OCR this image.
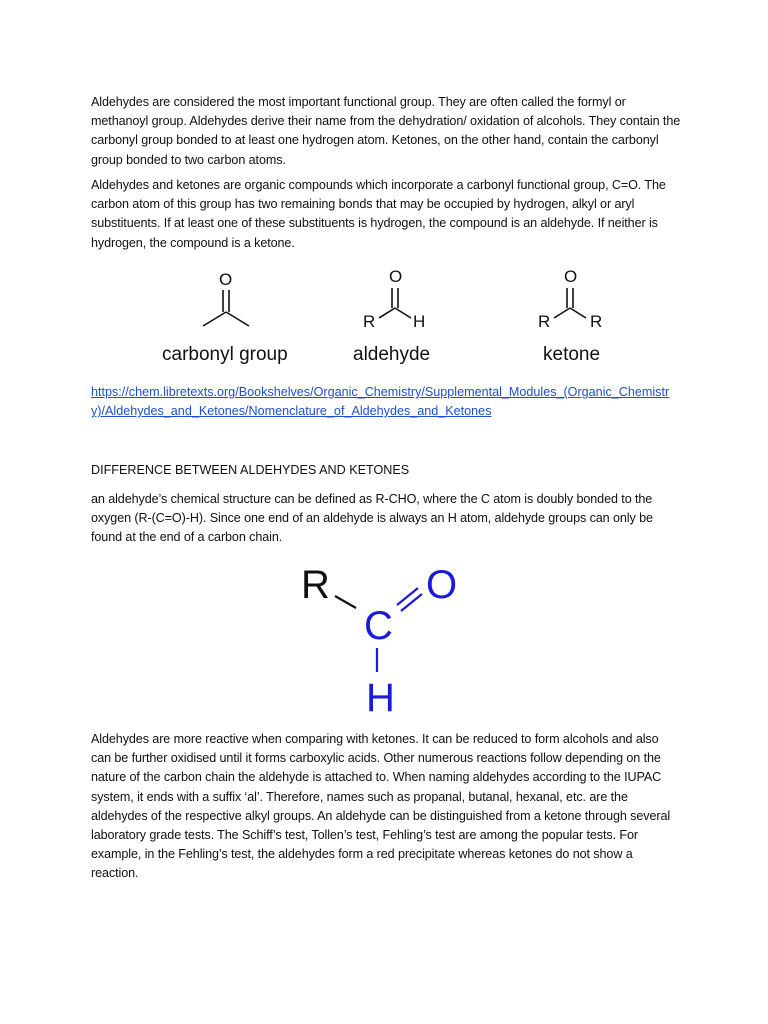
Aldehydes are considered the most important functional group. They are often called the formyl or methanoyl group. Aldehydes derive their name from the dehydration/ oxidation of alcohols. They contain the carbonyl group bonded to at least one hydrogen atom. Ketones, on the other hand, contain the carbonyl group bonded to two carbon atoms.

Aldehydes and ketones are organic compounds which incorporate a carbonyl functional group, C=O. The carbon atom of this group has two remaining bonds that may be occupied by hydrogen, alkyl or aryl substituents. If at least one of these substituents is hydrogen, the compound is an aldehyde. If neither is hydrogen, the compound is a ketone.

O	O
R H
O
R R
carbonyl group	aldehyde	ketone

https://chem.libretexts.org/Bookshelves/Organic_Chemistry/Supplemental_Modules_(Organic_Chemistry)/Aldehydes_and_Ketones/Nomenclature_of_Aldehydes_and_Ketones

DIFFERENCE BETWEEN ALDEHYDES AND KETONES

an aldehyde’s chemical structure can be defined as R-CHO, where the C atom is doubly bonded to the oxygen (R-(C=O)-H). Since one end of an aldehyde is always an H atom, aldehyde groups can only be found at the end of a carbon chain.

R
C
O
H

Aldehydes are more reactive when comparing with ketones. It can be reduced to form alcohols and also can be further oxidised until it forms carboxylic acids. Other numerous reactions follow depending on the nature of the carbon chain the aldehyde is attached to. When naming aldehydes according to the IUPAC system, it ends with a suffix ‘al’. Therefore, names such as propanal, butanal, hexanal, etc. are the aldehydes of the respective alkyl groups. An aldehyde can be distinguished from a ketone through several laboratory grade tests. The Schiff’s test, Tollen’s test, Fehling’s test are among the popular tests. For example, in the Fehling’s test, the aldehydes form a red precipitate whereas ketones do not show a reaction.
